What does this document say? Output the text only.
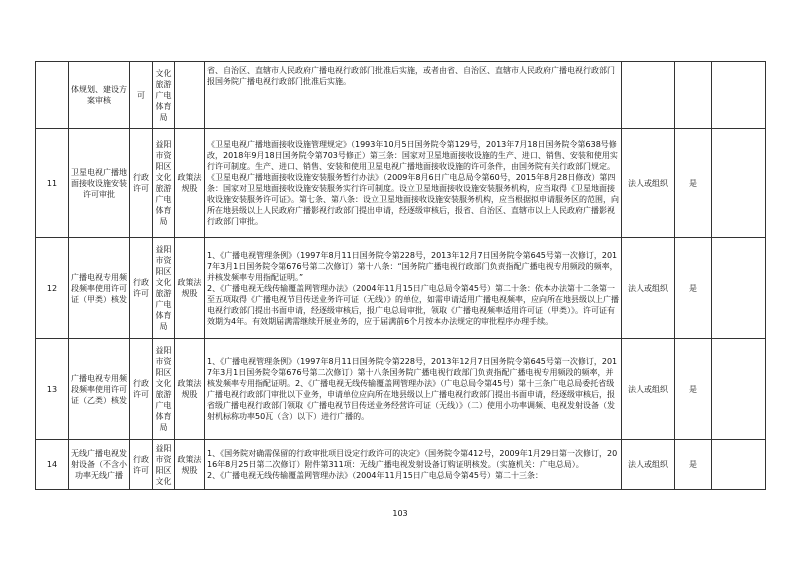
	体规划、建设方案审核	可	文化旅游广电体育局		省、自治区、直辖市人民政府广播电视行政部门批准后实施，或者由省、自治区、直辖市人民政府广播电视行政部门报国务院广播电视行政部门批准后实施。			
11	卫星电视广播地面接收设施安装许可审批	行政许可	益阳市资阳区文化旅游广电体育局	政策法规股	《卫星电视广播地面接收设施管理规定》（1993年10月5日国务院令第129号，2013年7月18日国务院令第638号修改，2018年9月18日国务院令第703号修正）第三条：国家对卫星地面接收设施的生产、进口、销售、安装和使用实行许可制度。生产、进口、销售、安装和使用卫星电视广播地面接收设施的许可条件，由国务院有关行政部门规定。《卫星电视广播地面接收设施安装服务暂行办法》（2009年8月6日广电总局令第60号，2015年8月28日修改）第四条：国家对卫星地面接收设施安装服务实行许可制度。设立卫星地面接收设施安装服务机构，应当取得《卫星地面接收设施安装服务许可证》。第七条、第八条：设立卫星地面接收设施安装服务机构，应当根据拟申请服务区的范围，向所在地县级以上人民政府广播影视行政部门提出申请，经逐级审核后，报省、自治区、直辖市以上人民政府广播影视行政部门审批。	法人或组织	是	
12	广播电视专用频段频率使用许可证（甲类）核发	行政许可	益阳市资阳区文化旅游广电体育局	政策法规股	1、《广播电视管理条例》（1997年8月11日国务院令第228号，2013年12月7日国务院令第645号第一次修订，2017年3月1日国务院令第676号第二次修订）第十八条：“国务院广播电视行政部门负责指配广播电视专用频段的频率，并核发频率专用指配证明。”
2、《广播电视无线传输覆盖网管理办法》（2004年11月15日广电总局令第45号）第二十条：依本办法第十二条第一至五项取得《广播电视节目传送业务许可证（无线）》的单位，如需申请适用广播电视频率，应向所在地县级以上广播电视行政部门提出书面申请，经逐级审核后，报广电总局审批，领取《广播电视频率适用许可证（甲类）》。许可证有效期为4年。有效期届满需继续开展业务的，应于届满前6个月按本办法规定的审批程序办理手续。	法人或组织	是	
13	广播电视专用频段频率使用许可证（乙类）核发	行政许可	益阳市资阳区文化旅游广电体育局	政策法规股	1、《广播电视管理条例》（1997年8月11日国务院令第228号，2013年12月7日国务院令第645号第一次修订，2017年3月1日国务院令第676号第二次修订）第十八条国务院广播电视行政部门负责指配广播电视专用频段的频率，并核发频率专用指配证明。2、《广播电视无线传输覆盖网管理办法》（广电总局令第45号）第十三条广电总局委托省级广播电视行政部门审批以下业务，申请单位应向所在地县级以上广播电视行政部门提出书面申请，经逐级审核后，报省级广播电视行政部门领取《广播电视节目传送业务经营许可证（无线）》（二）使用小功率调频、电视发射设备（发射机标称功率50瓦（含）以下）进行广播的。	法人或组织	是	
14	无线广播电视发射设备（不含小功率无线广播	行政许可	益阳市资阳区文化	政策法规股	1、《国务院对确需保留的行政审批项目设定行政许可的决定》（国务院令第412号，2009年1月29日第一次修订，2016年8月25日第二次修订）附件第311项：无线广播电视发射设备订购证明核发。（实施机关：广电总局）。
2、《广播电视无线传输覆盖网管理办法》（2004年11月15日广电总局令第45号）第二十三条：	法人或组织	是	
103
